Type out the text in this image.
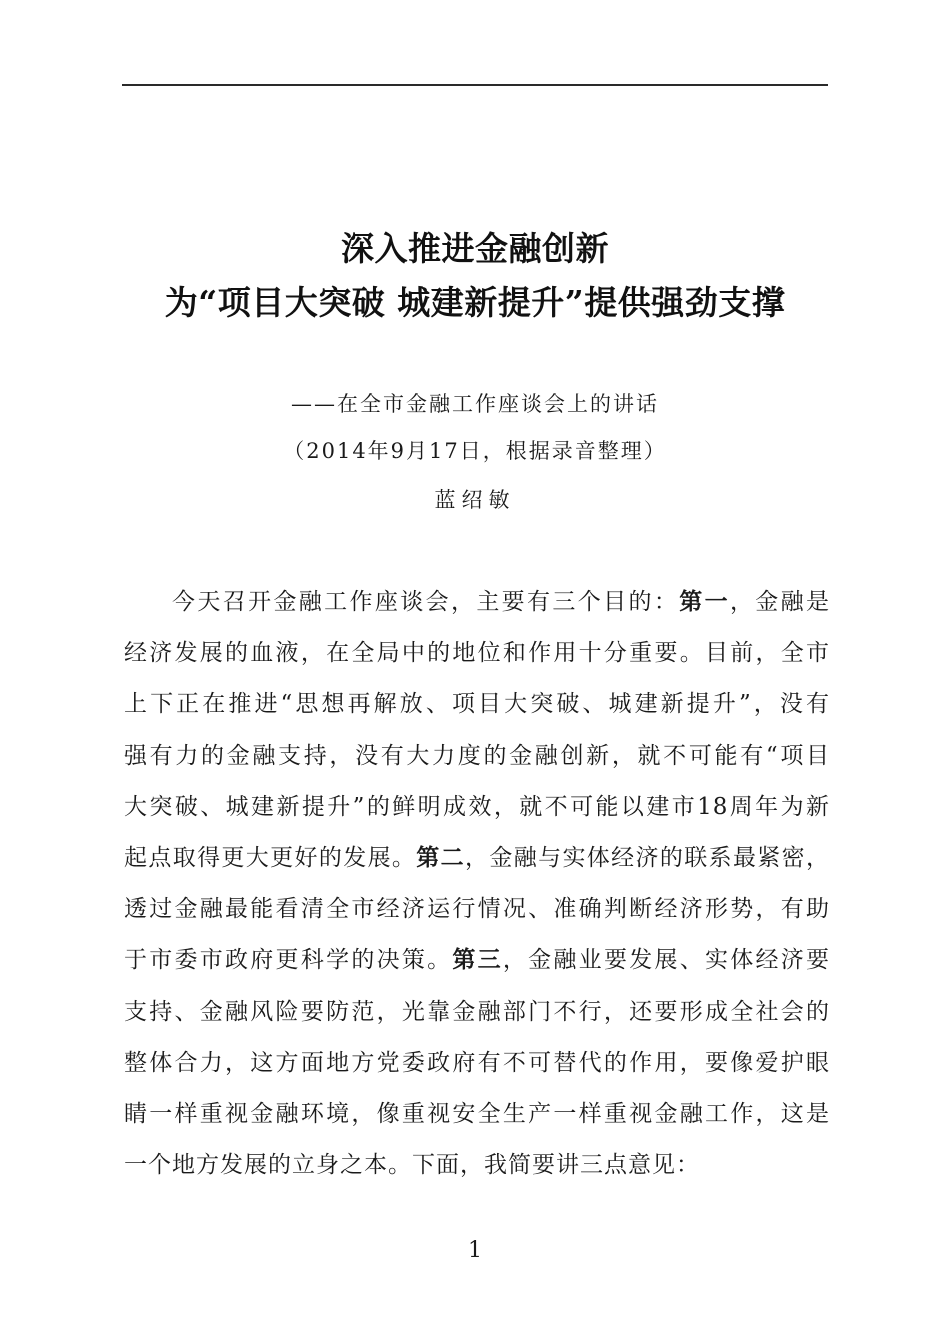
深入推进金融创新
为“项目大突破 城建新提升”提供强劲支撑
——在全市金融工作座谈会上的讲话
（2014年9月17日，根据录音整理）
蓝绍敏
今天召开金融工作座谈会，主要有三个目的：第一，金融是
经济发展的血液，在全局中的地位和作用十分重要。目前，全市
上下正在推进“思想再解放、项目大突破、城建新提升”，没有
强有力的金融支持，没有大力度的金融创新，就不可能有“项目
大突破、城建新提升”的鲜明成效，就不可能以建市18周年为新
起点取得更大更好的发展。第二，金融与实体经济的联系最紧密，
透过金融最能看清全市经济运行情况、准确判断经济形势，有助
于市委市政府更科学的决策。第三，金融业要发展、实体经济要
支持、金融风险要防范，光靠金融部门不行，还要形成全社会的
整体合力，这方面地方党委政府有不可替代的作用，要像爱护眼
睛一样重视金融环境，像重视安全生产一样重视金融工作，这是
一个地方发展的立身之本。下面，我简要讲三点意见：
1
